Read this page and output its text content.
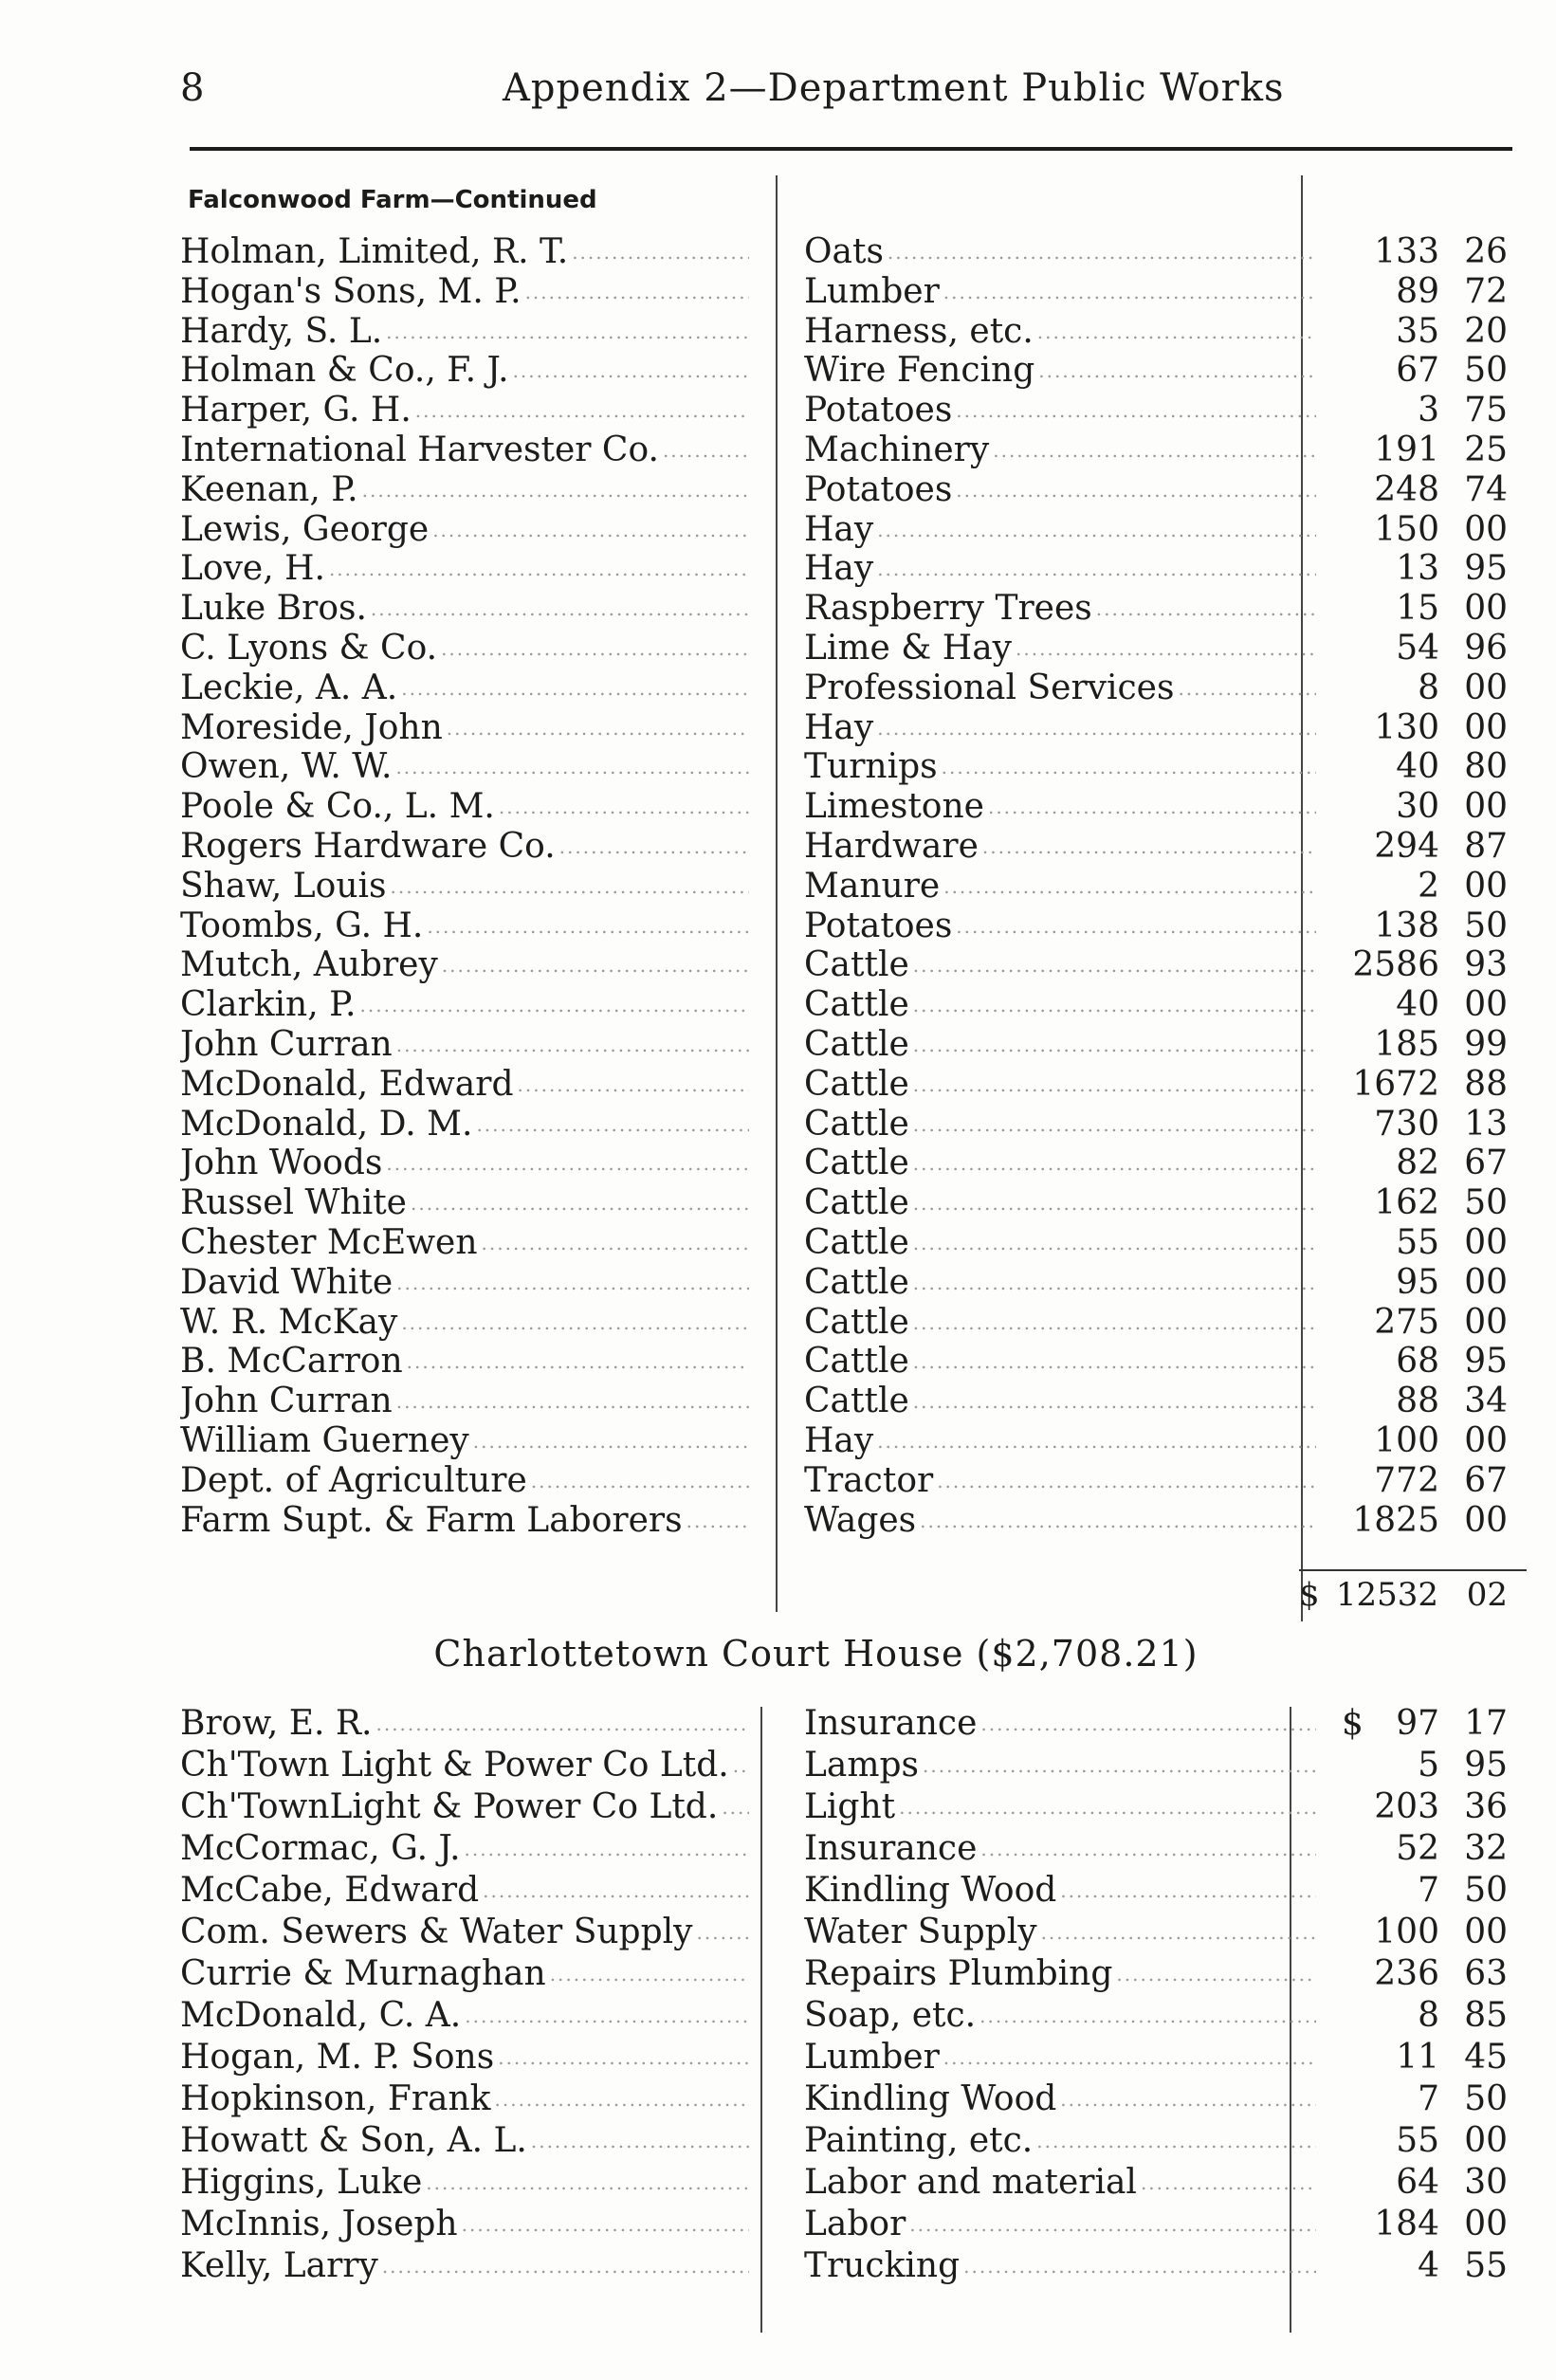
8	Appendix 2—Department Public Works
Falconwood Farm—Continued
Holman, Limited, R. T. .....	Oats .....	133 26
Hogan's Sons, M. P. .....	Lumber .....	89 72
Hardy, S. L. .....	Harness, etc. .....	35 20
Holman & Co., F. J. .....	Wire Fencing .....	67 50
Harper, G. H. .....	Potatoes .....	3 75
International Harvester Co. .....	Machinery .....	191 25
Keenan, P. .....	Potatoes .....	248 74
Lewis, George .....	Hay .....	150 00
Love, H. .....	Hay .....	13 95
Luke Bros. .....	Raspberry Trees .....	15 00
C. Lyons & Co. .....	Lime & Hay .....	54 96
Leckie, A. A. .....	Professional Services .....	8 00
Moreside, John .....	Hay .....	130 00
Owen, W. W. .....	Turnips .....	40 80
Poole & Co., L. M. .....	Limestone .....	30 00
Rogers Hardware Co. .....	Hardware .....	294 87
Shaw, Louis .....	Manure .....	2 00
Toombs, G. H. .....	Potatoes .....	138 50
Mutch, Aubrey .....	Cattle .....	2586 93
Clarkin, P. .....	Cattle .....	40 00
John Curran .....	Cattle .....	185 99
McDonald, Edward .....	Cattle .....	1672 88
McDonald, D. M. .....	Cattle .....	730 13
John Woods .....	Cattle .....	82 67
Russel White .....	Cattle .....	162 50
Chester McEwen .....	Cattle .....	55 00
David White .....	Cattle .....	95 00
W. R. McKay .....	Cattle .....	275 00
B. McCarron .....	Cattle .....	68 95
John Curran .....	Cattle .....	88 34
William Guerney .....	Hay .....	100 00
Dept. of Agriculture .....	Tractor .....	772 67
Farm Supt. & Farm Laborers .....	Wages .....	1825 00
$ 12532 02
Charlottetown Court House ($2,708.21)
Brow, E. R. .....	Insurance .....	$ 97 17
Ch'Town Light & Power Co Ltd. .....	Lamps .....	5 95
Ch'TownLight & Power Co Ltd. .....	Light .....	203 36
McCormac, G. J. .....	Insurance .....	52 32
McCabe, Edward .....	Kindling Wood .....	7 50
Com. Sewers & Water Supply .....	Water Supply .....	100 00
Currie & Murnaghan .....	Repairs Plumbing .....	236 63
McDonald, C. A. .....	Soap, etc. .....	8 85
Hogan, M. P. Sons .....	Lumber .....	11 45
Hopkinson, Frank .....	Kindling Wood .....	7 50
Howatt & Son, A. L. .....	Painting, etc. .....	55 00
Higgins, Luke .....	Labor and material .....	64 30
McInnis, Joseph .....	Labor .....	184 00
Kelly, Larry .....	Trucking .....	4 55
